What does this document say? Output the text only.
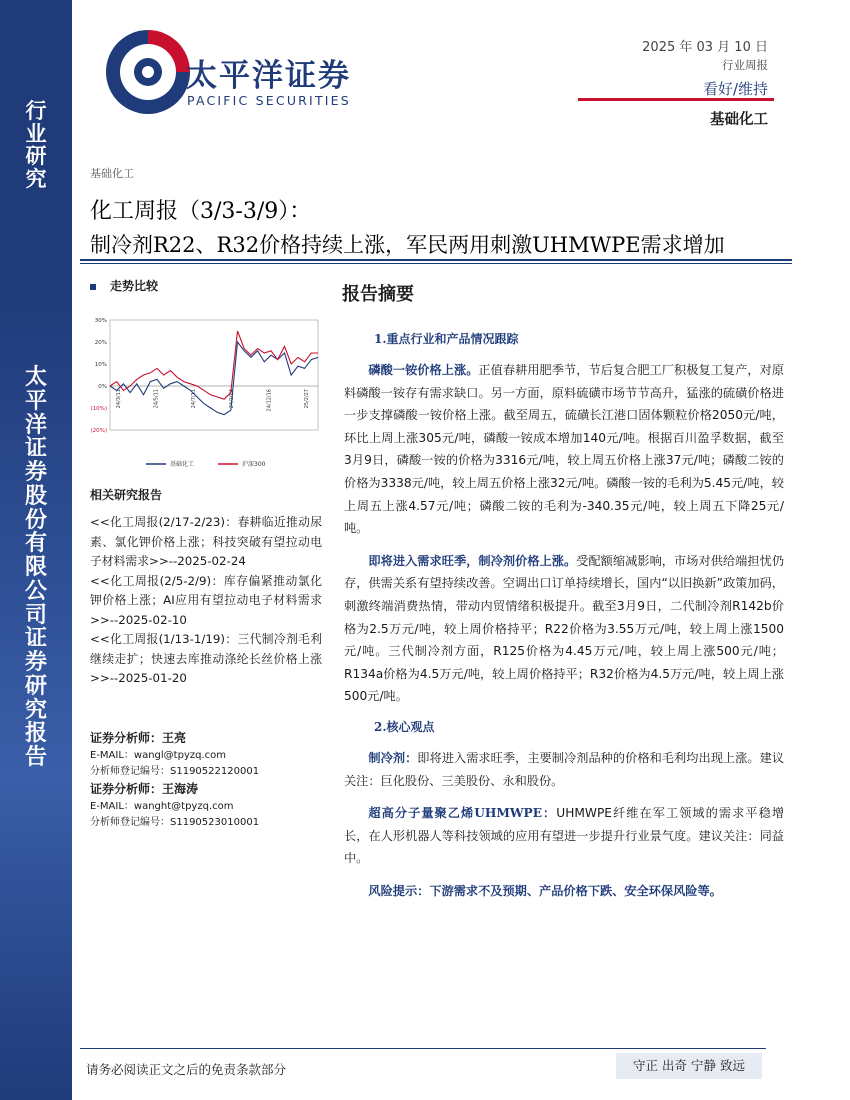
行业研究
太平洋证券股份有限公司证券研究报告
太平洋证券
PACIFIC SECURITIES
2025 年 03 月 10 日
行业周报
看好/维持
基础化工
基础化工
化工周报（3/3-3/9）：
制冷剂R22、R32价格持续上涨，军民两用刺激UHMWPE需求增加
走势比较
30%
20%
10%
0%
(10%)
(20%)
24/3/11	24/5/11	24/7/11	24/10/4	24/12/16	25/2/27
基础化工	沪深300
报告摘要
相关研究报告

<<化工周报(2/17-2/23)：春耕临近推动尿素、氯化钾价格上涨；科技突破有望拉动电子材料需求>>--2025-02-24

<<化工周报(2/5-2/9)：库存偏紧推动氯化钾价格上涨；AI应用有望拉动电子材料需求>>--2025-02-10

<<化工周报(1/13-1/19)：三代制冷剂毛利继续走扩；快速去库推动涤纶长丝价格上涨>>--2025-01-20

证券分析师：王亮
E-MAIL：wangl@tpyzq.com
分析师登记编号：S1190522120001
证券分析师：王海涛
E-MAIL：wanght@tpyzq.com
分析师登记编号：S1190523010001
1.重点行业和产品情况跟踪

磷酸一铵价格上涨。正值春耕用肥季节，节后复合肥工厂积极复工复产，对原料磷酸一铵存有需求缺口。另一方面，原料硫磺市场节节高升，猛涨的硫磺价格进一步支撑磷酸一铵价格上涨。截至周五，硫磺长江港口固体颗粒价格2050元/吨，环比上周上涨305元/吨，磷酸一铵成本增加140元/吨。根据百川盈孚数据，截至3月9日，磷酸一铵的价格为3316元/吨，较上周五价格上涨37元/吨；磷酸二铵的价格为3338元/吨，较上周五价格上涨32元/吨。磷酸一铵的毛利为5.45元/吨，较上周五上涨4.57元/吨；磷酸二铵的毛利为-340.35元/吨，较上周五下降25元/吨。

即将进入需求旺季，制冷剂价格上涨。受配额缩减影响，市场对供给端担忧仍存，供需关系有望持续改善。空调出口订单持续增长，国内“以旧换新”政策加码，刺激终端消费热情，带动内贸情绪积极提升。截至3月9日，二代制冷剂R142b价格为2.5万元/吨，较上周价格持平；R22价格为3.55万元/吨，较上周上涨1500元/吨。三代制冷剂方面，R125价格为4.45万元/吨，较上周上涨500元/吨；R134a价格为4.5万元/吨，较上周价格持平；R32价格为4.5万元/吨，较上周上涨500元/吨。

2.核心观点

制冷剂：即将进入需求旺季，主要制冷剂品种的价格和毛利均出现上涨。建议关注：巨化股份、三美股份、永和股份。

超高分子量聚乙烯UHMWPE：UHMWPE纤维在军工领域的需求平稳增长，在人形机器人等科技领域的应用有望进一步提升行业景气度。建议关注：同益中。

风险提示：下游需求不及预期、产品价格下跌、安全环保风险等。

请务必阅读正文之后的免责条款部分	守正 出奇 宁静 致远
